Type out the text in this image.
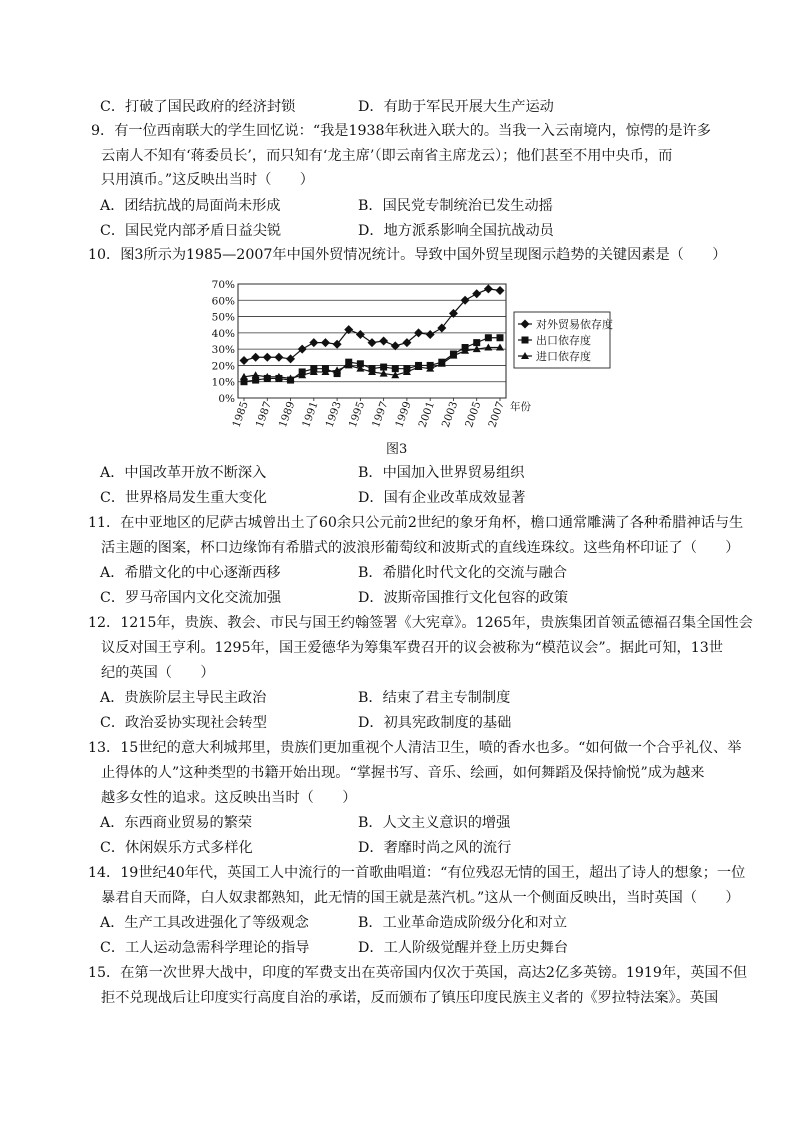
C．打破了国民政府的经济封锁	D．有助于军民开展大生产运动
9．有一位西南联大的学生回忆说：“我是1938年秋进入联大的。当我一入云南境内，惊愕的是许多
云南人不知有‘蒋委员长’，而只知有‘龙主席’（即云南省主席龙云）；他们甚至不用中央币，而
只用滇币。”这反映出当时（　　）
A．团结抗战的局面尚未形成	B．国民党专制统治已发生动摇
C．国民党内部矛盾日益尖锐	D．地方派系影响全国抗战动员
10．图3所示为1985—2007年中国外贸情况统计。导致中国外贸呈现图示趋势的关键因素是（　　）
0%
10%
20%
30%
40%
50%
60%
70%
1985 1987 1989 1991 1993 1995 1997 1999 2001 2003 2005 2007 年份
对外贸易依存度
出口依存度
进口依存度
图3
A．中国改革开放不断深入	B．中国加入世界贸易组织
C．世界格局发生重大变化	D．国有企业改革成效显著
11．在中亚地区的尼萨古城曾出土了60余只公元前2世纪的象牙角杯，檐口通常雕满了各种希腊神话与生
活主题的图案，杯口边缘饰有希腊式的波浪形葡萄纹和波斯式的直线连珠纹。这些角杯印证了（　　）
A．希腊文化的中心逐渐西移	B．希腊化时代文化的交流与融合
C．罗马帝国内文化交流加强	D．波斯帝国推行文化包容的政策
12．1215年，贵族、教会、市民与国王约翰签署《大宪章》。1265年，贵族集团首领孟德福召集全国性会
议反对国王亨利。1295年，国王爱德华为筹集军费召开的议会被称为“模范议会”。据此可知，13世
纪的英国（　　）
A．贵族阶层主导民主政治	B．结束了君主专制制度
C．政治妥协实现社会转型	D．初具宪政制度的基础
13．15世纪的意大利城邦里，贵族们更加重视个人清洁卫生，喷的香水也多。“如何做一个合乎礼仪、举
止得体的人”这种类型的书籍开始出现。“掌握书写、音乐、绘画，如何舞蹈及保持愉悦”成为越来
越多女性的追求。这反映出当时（　　）
A．东西商业贸易的繁荣	B．人文主义意识的增强
C．休闲娱乐方式多样化	D．奢靡时尚之风的流行
14．19世纪40年代，英国工人中流行的一首歌曲唱道：“有位残忍无情的国王，超出了诗人的想象；一位
暴君自天而降，白人奴隶都熟知，此无情的国王就是蒸汽机。”这从一个侧面反映出，当时英国（　　）
A．生产工具改进强化了等级观念	B．工业革命造成阶级分化和对立
C．工人运动急需科学理论的指导	D．工人阶级觉醒并登上历史舞台
15．在第一次世界大战中，印度的军费支出在英帝国内仅次于英国，高达2亿多英镑。1919年，英国不但
拒不兑现战后让印度实行高度自治的承诺，反而颁布了镇压印度民族主义者的《罗拉特法案》。英国
